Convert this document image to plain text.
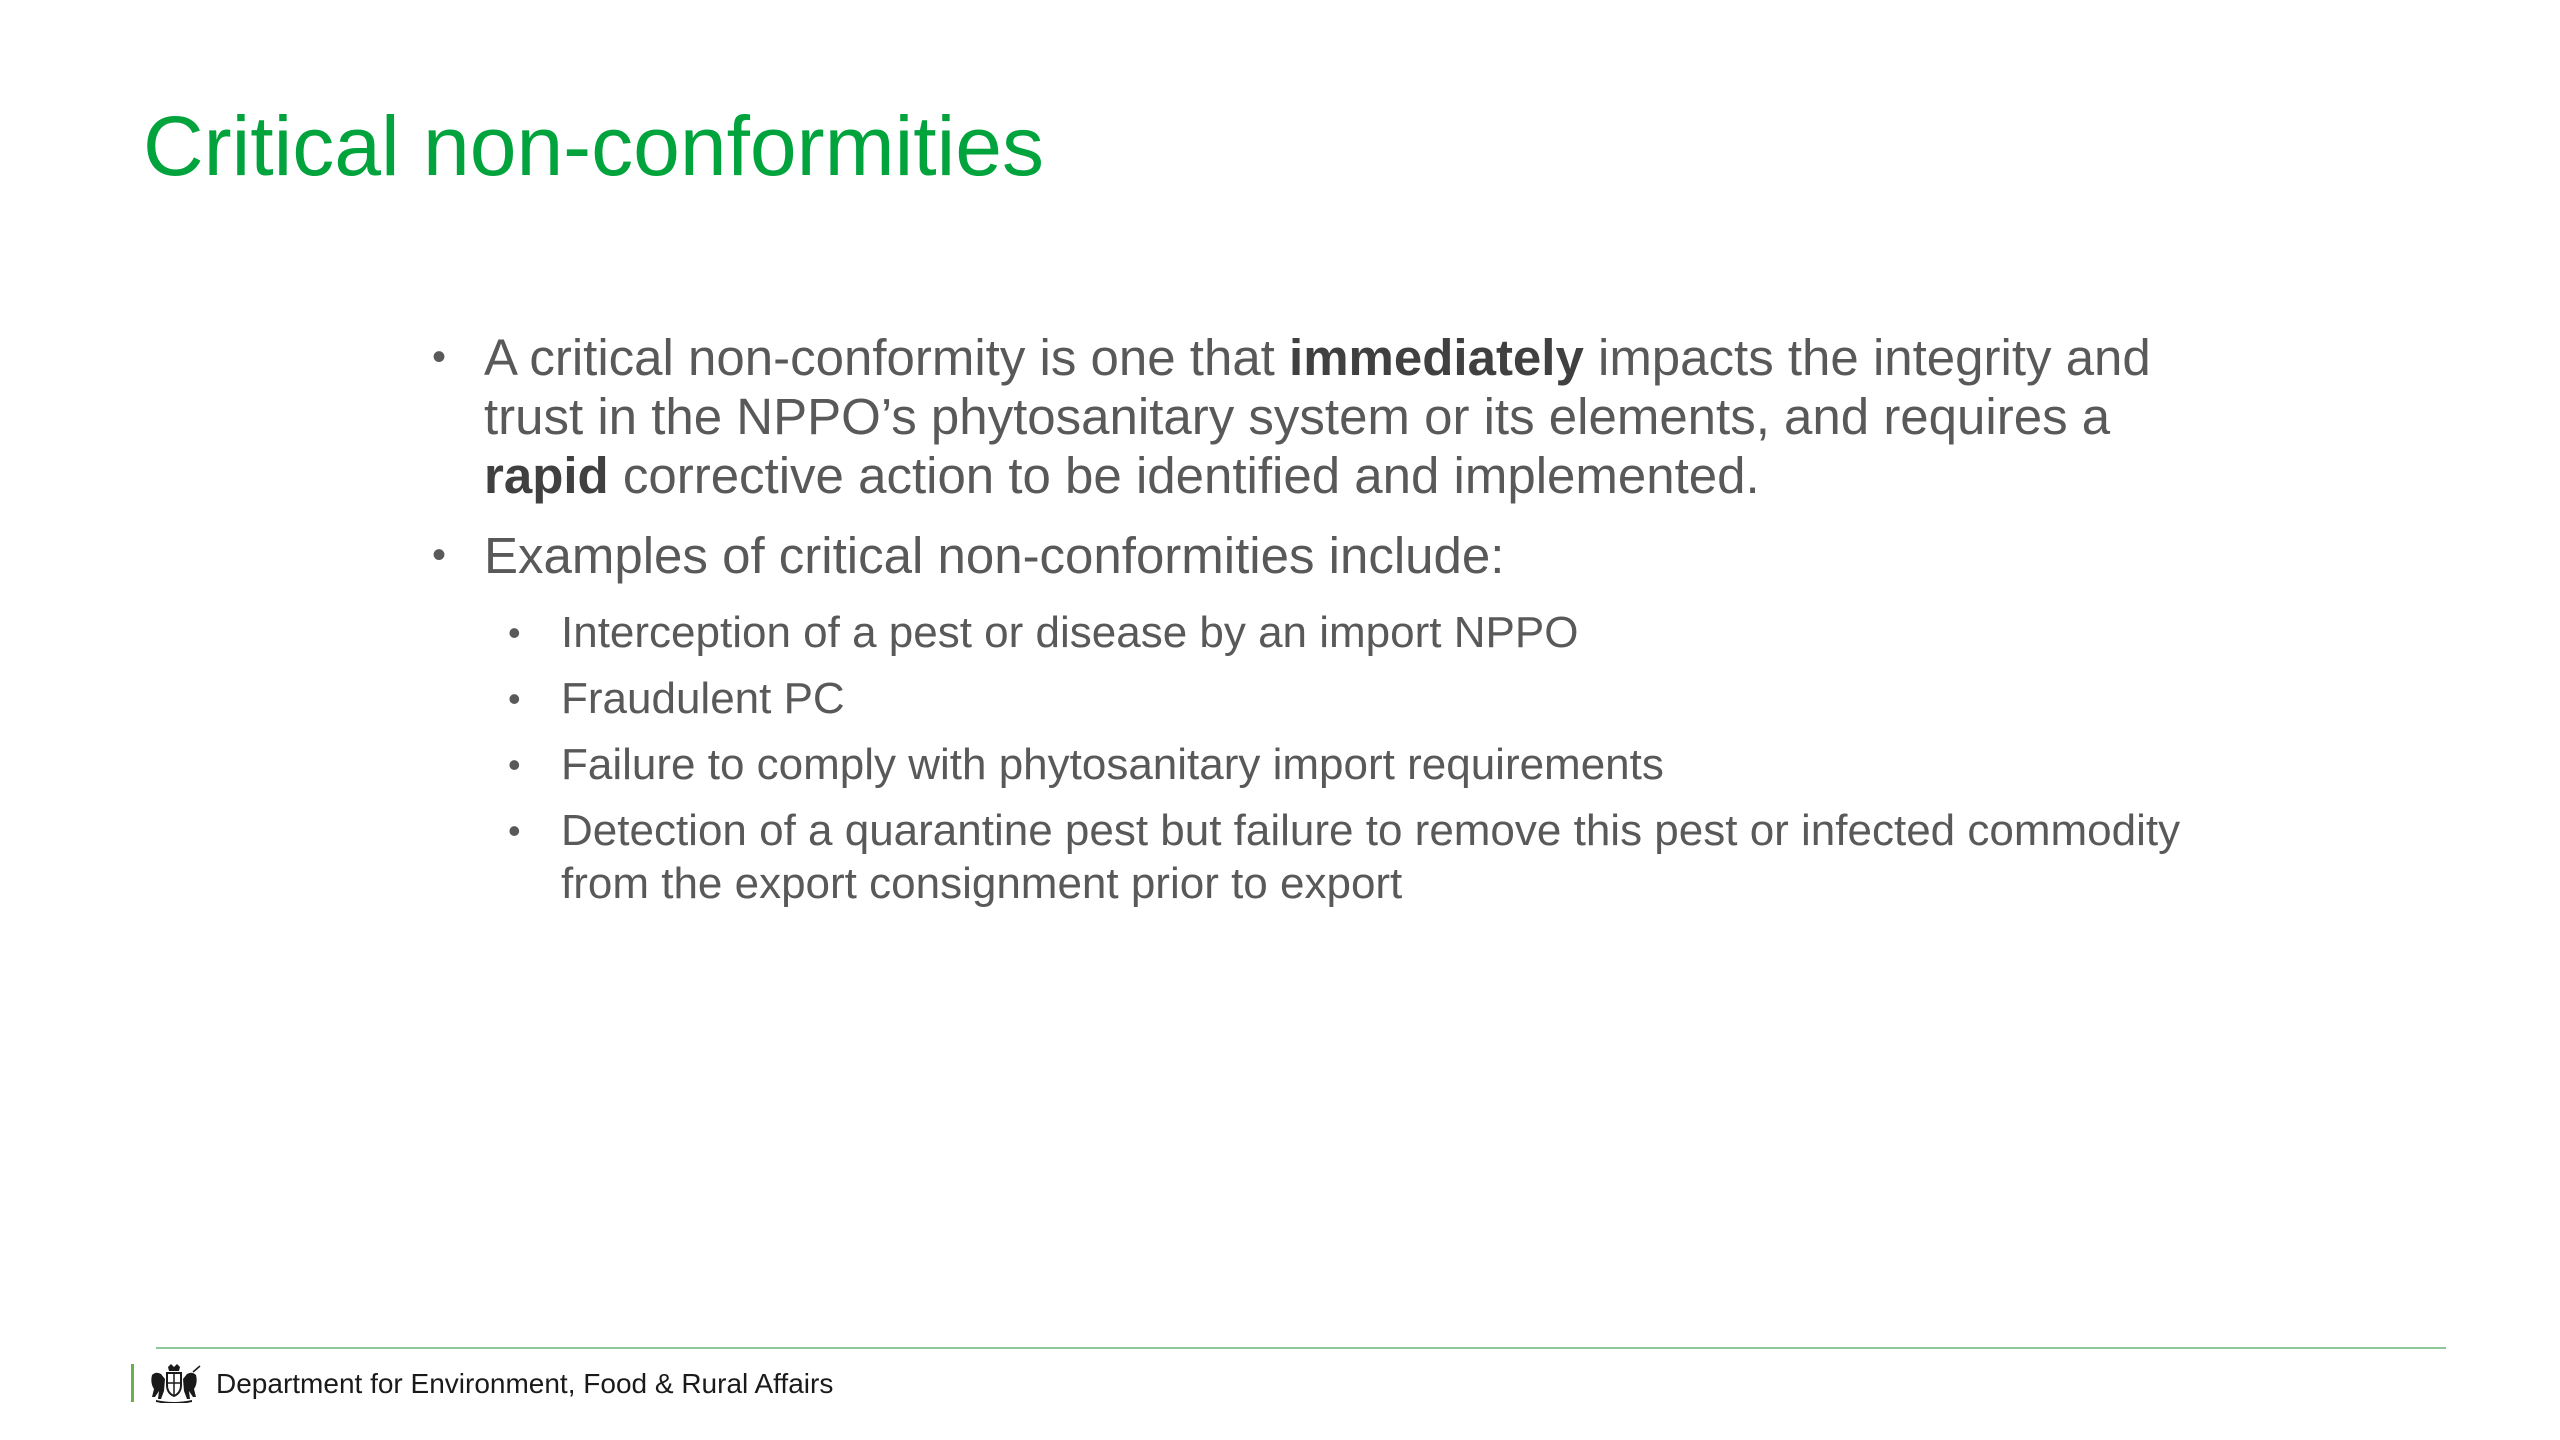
Critical non-conformities
• A critical non-conformity is one that immediately impacts the integrity and trust in the NPPO’s phytosanitary system or its elements, and requires a rapid corrective action to be identified and implemented.
• Examples of critical non-conformities include:
• Interception of a pest or disease by an import NPPO
• Fraudulent PC
• Failure to comply with phytosanitary import requirements
• Detection of a quarantine pest but failure to remove this pest or infected commodity from the export consignment prior to export
Department for Environment, Food & Rural Affairs
